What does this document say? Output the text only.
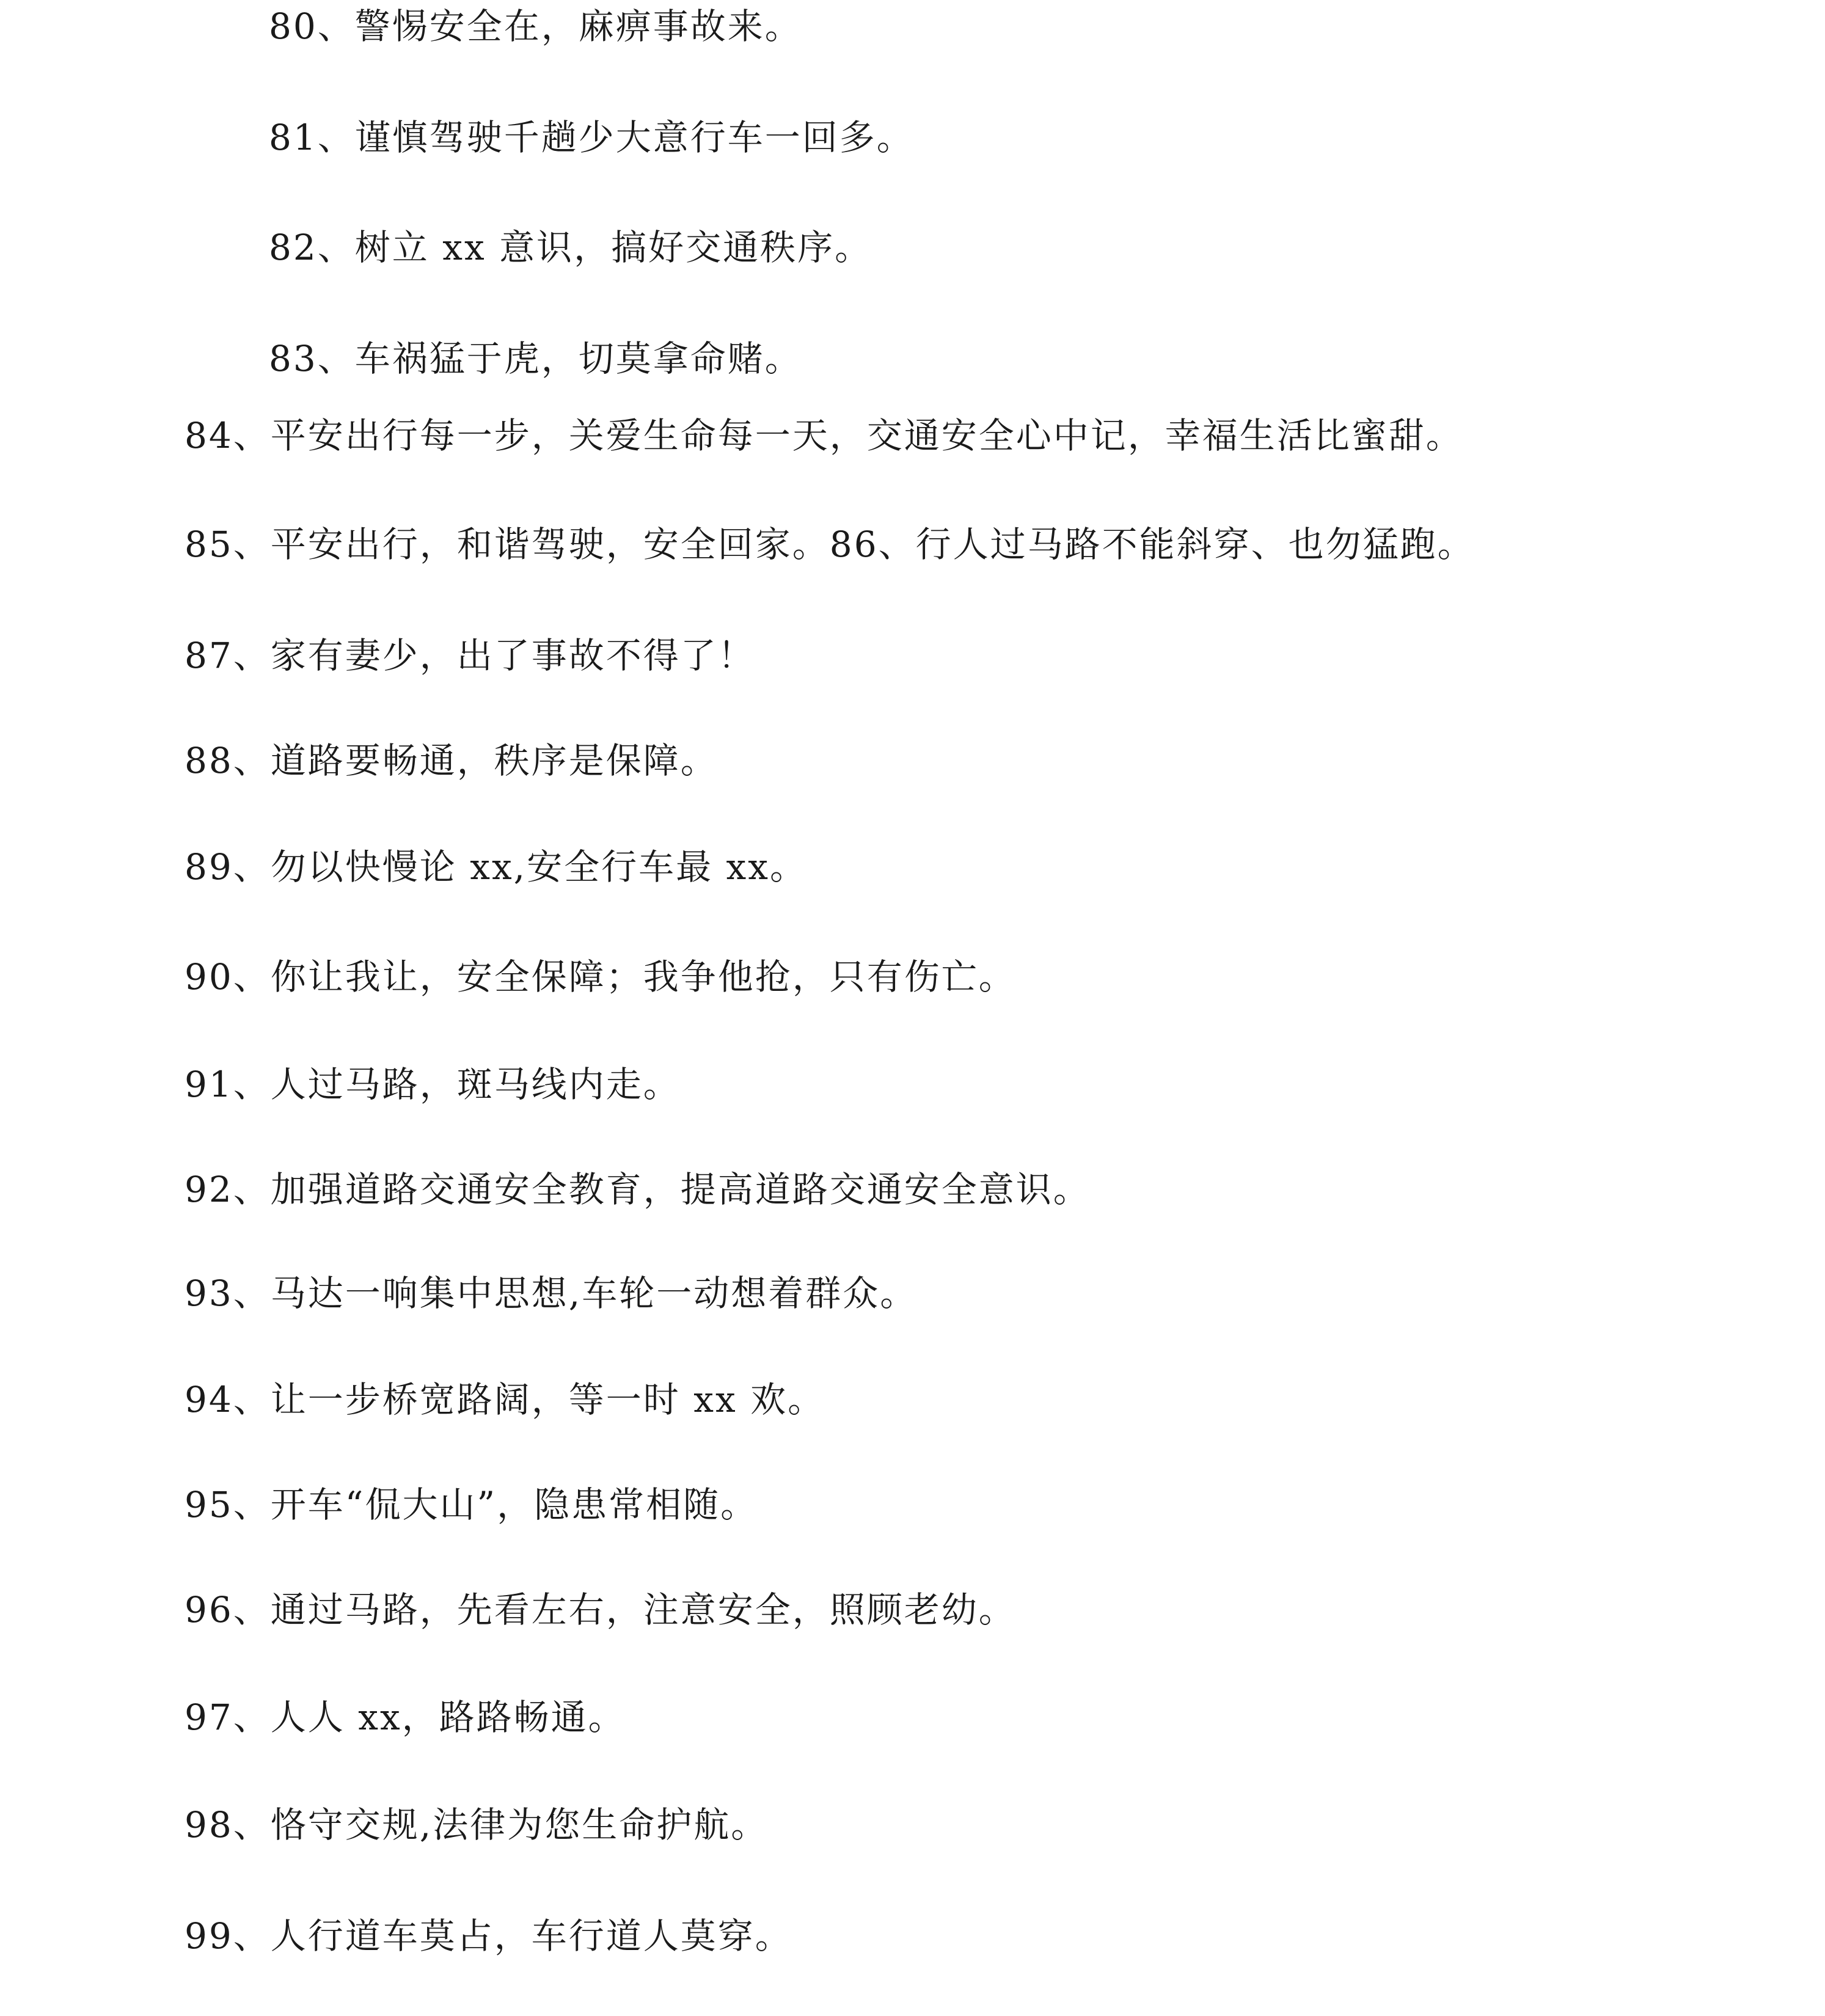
80、警惕安全在，麻痹事故来。

81、谨慎驾驶千趟少大意行车一回多。

82、树立 xx 意识，搞好交通秩序。

83、车祸猛于虎，切莫拿命赌。

84、平安出行每一步，关爱生命每一天，交通安全心中记，幸福生活比蜜甜。

85、平安出行，和谐驾驶，安全回家。86、行人过马路不能斜穿、也勿猛跑。

87、家有妻少，出了事故不得了！

88、道路要畅通，秩序是保障。

89、勿以快慢论 xx,安全行车最 xx。

90、你让我让，安全保障；我争他抢，只有伤亡。

91、人过马路，斑马线内走。

92、加强道路交通安全教育，提高道路交通安全意识。

93、马达一响集中思想,车轮一动想着群众。

94、让一步桥宽路阔，等一时 xx 欢。

95、开车“侃大山”，隐患常相随。

96、通过马路，先看左右，注意安全，照顾老幼。

97、人人 xx，路路畅通。

98、恪守交规,法律为您生命护航。

99、人行道车莫占，车行道人莫穿。
